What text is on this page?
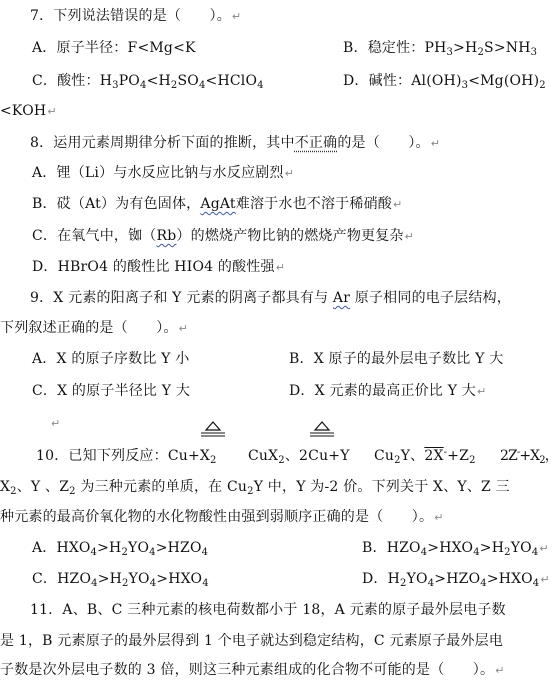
7．下列说法错误的是（　　）。↵
A．原子半径：F<Mg<K	B．稳定性：$PH_3>H_2S>NH_3$
C．酸性：$H_3PO_4<H_2SO_4<HClO_4$	D．碱性：$Al(OH)_3<Mg(OH)_2$
<KOH↵
8．运用元素周期律分析下面的推断，其中不正确的是（　　）。↵
A．锂（Li）与水反应比钠与水反应剧烈↵
B．砹（At）为有色固体，AgAt难溶于水也不溶于稀硝酸↵
C．在氧气中，铷（Rb）的燃烧产物比钠的燃烧产物更复杂↵
D．HBrO4 的酸性比 HIO4 的酸性强↵
9．X 元素的阳离子和 Y 元素的阴离子都具有与 Ar 原子相同的电子层结构，
下列叙述正确的是（　　）。↵
A．X 的原子序数比 Y 小	B．X 原子的最外层电子数比 Y 大
C．X 的原子半径比 Y 大	D．X 元素的最高正价比 Y 大↵
↵
10．已知下列反应：$Cu+X_2$ CuX$_2$、2Cu+Y $Cu_2Y$、$2X^-+Z_2$ $2Z^-+X_2$，
$X_2$、Y 、$Z_2$ 为三种元素的单质，在 $Cu_2Y$ 中，Y 为-2 价。下列关于 X、Y、Z 三
种元素的最高价氧化物的水化物酸性由强到弱顺序正确的是（　　）。↵
A．$HXO_4>H_2YO_4>HZO_4$	B．$HZO_4>HXO_4>H_2YO_4↵$
C．$HZO_4>H_2YO_4>HXO_4$	D．$H_2YO_4>HZO_4>HXO_4↵$
11．A、B、C 三种元素的核电荷数都小于 18，A 元素的原子最外层电子数
是 1，B 元素原子的最外层得到 1 个电子就达到稳定结构，C 元素原子最外层电
子数是次外层电子数的 3 倍，则这三种元素组成的化合物不可能的是（　　）。↵
